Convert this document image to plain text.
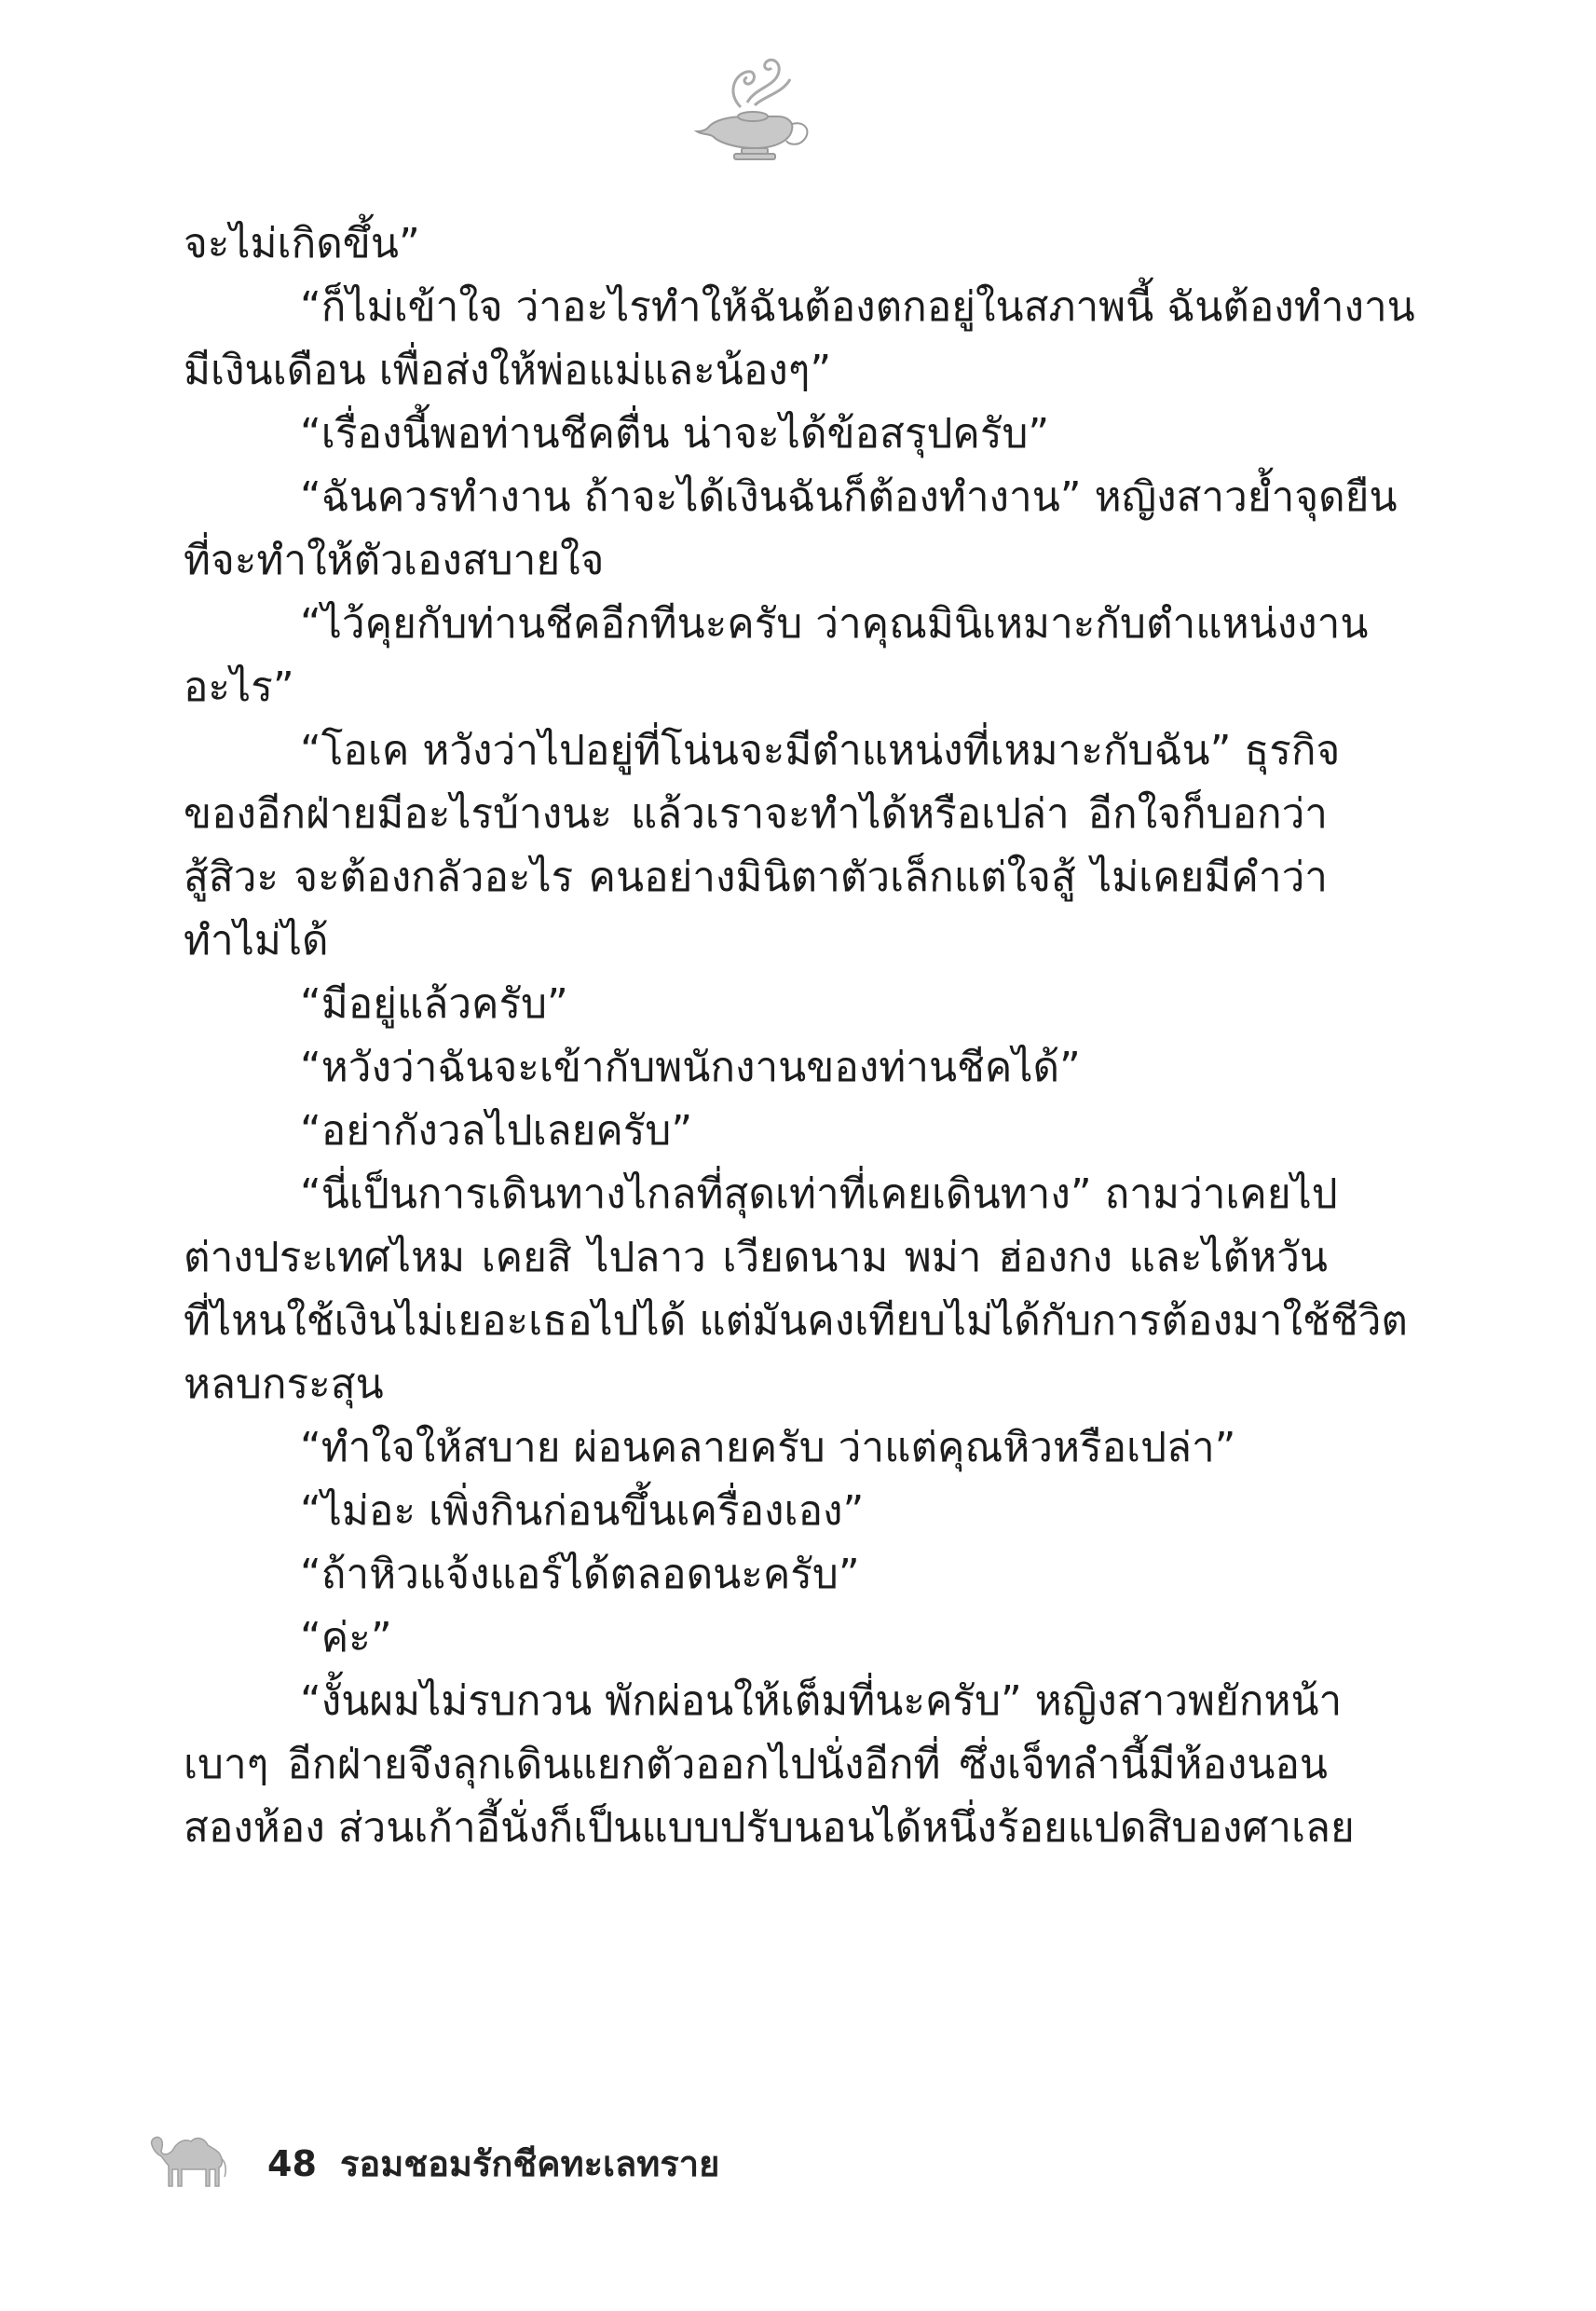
จะไม่เกิดขึ้น”
“ก็ไม่เข้าใจ ว่าอะไรทำให้ฉันต้องตกอยู่ในสภาพนี้ ฉันต้องทำงาน
มีเงินเดือน เพื่อส่งให้พ่อแม่และน้องๆ”
“เรื่องนี้พอท่านชีคตื่น น่าจะได้ข้อสรุปครับ”
“ฉันควรทำงาน ถ้าจะได้เงินฉันก็ต้องทำงาน” หญิงสาวย้ำจุดยืน
ที่จะทำให้ตัวเองสบายใจ
“ไว้คุยกับท่านชีคอีกทีนะครับ ว่าคุณมินิเหมาะกับตำแหน่งงาน
อะไร”
“โอเค หวังว่าไปอยู่ที่โน่นจะมีตำแหน่งที่เหมาะกับฉัน” ธุรกิจ
ของอีกฝ่ายมีอะไรบ้างนะ แล้วเราจะทำได้หรือเปล่า อีกใจก็บอกว่า
สู้สิวะ จะต้องกลัวอะไร คนอย่างมินิตาตัวเล็กแต่ใจสู้ ไม่เคยมีคำว่า
ทำไม่ได้
“มีอยู่แล้วครับ”
“หวังว่าฉันจะเข้ากับพนักงานของท่านชีคได้”
“อย่ากังวลไปเลยครับ”
“นี่เป็นการเดินทางไกลที่สุดเท่าที่เคยเดินทาง” ถามว่าเคยไป
ต่างประเทศไหม เคยสิ ไปลาว เวียดนาม พม่า ฮ่องกง และไต้หวัน
ที่ไหนใช้เงินไม่เยอะเธอไปได้ แต่มันคงเทียบไม่ได้กับการต้องมาใช้ชีวิต
หลบกระสุน
“ทำใจให้สบาย ผ่อนคลายครับ ว่าแต่คุณหิวหรือเปล่า”
“ไม่อะ เพิ่งกินก่อนขึ้นเครื่องเอง”
“ถ้าหิวแจ้งแอร์ได้ตลอดนะครับ”
“ค่ะ”
“งั้นผมไม่รบกวน พักผ่อนให้เต็มที่นะครับ” หญิงสาวพยักหน้า
เบาๆ อีกฝ่ายจึงลุกเดินแยกตัวออกไปนั่งอีกที่ ซึ่งเจ็ทลำนี้มีห้องนอน
สองห้อง ส่วนเก้าอี้นั่งก็เป็นแบบปรับนอนได้หนึ่งร้อยแปดสิบองศาเลย
48 รอมชอมรักชีคทะเลทราย
